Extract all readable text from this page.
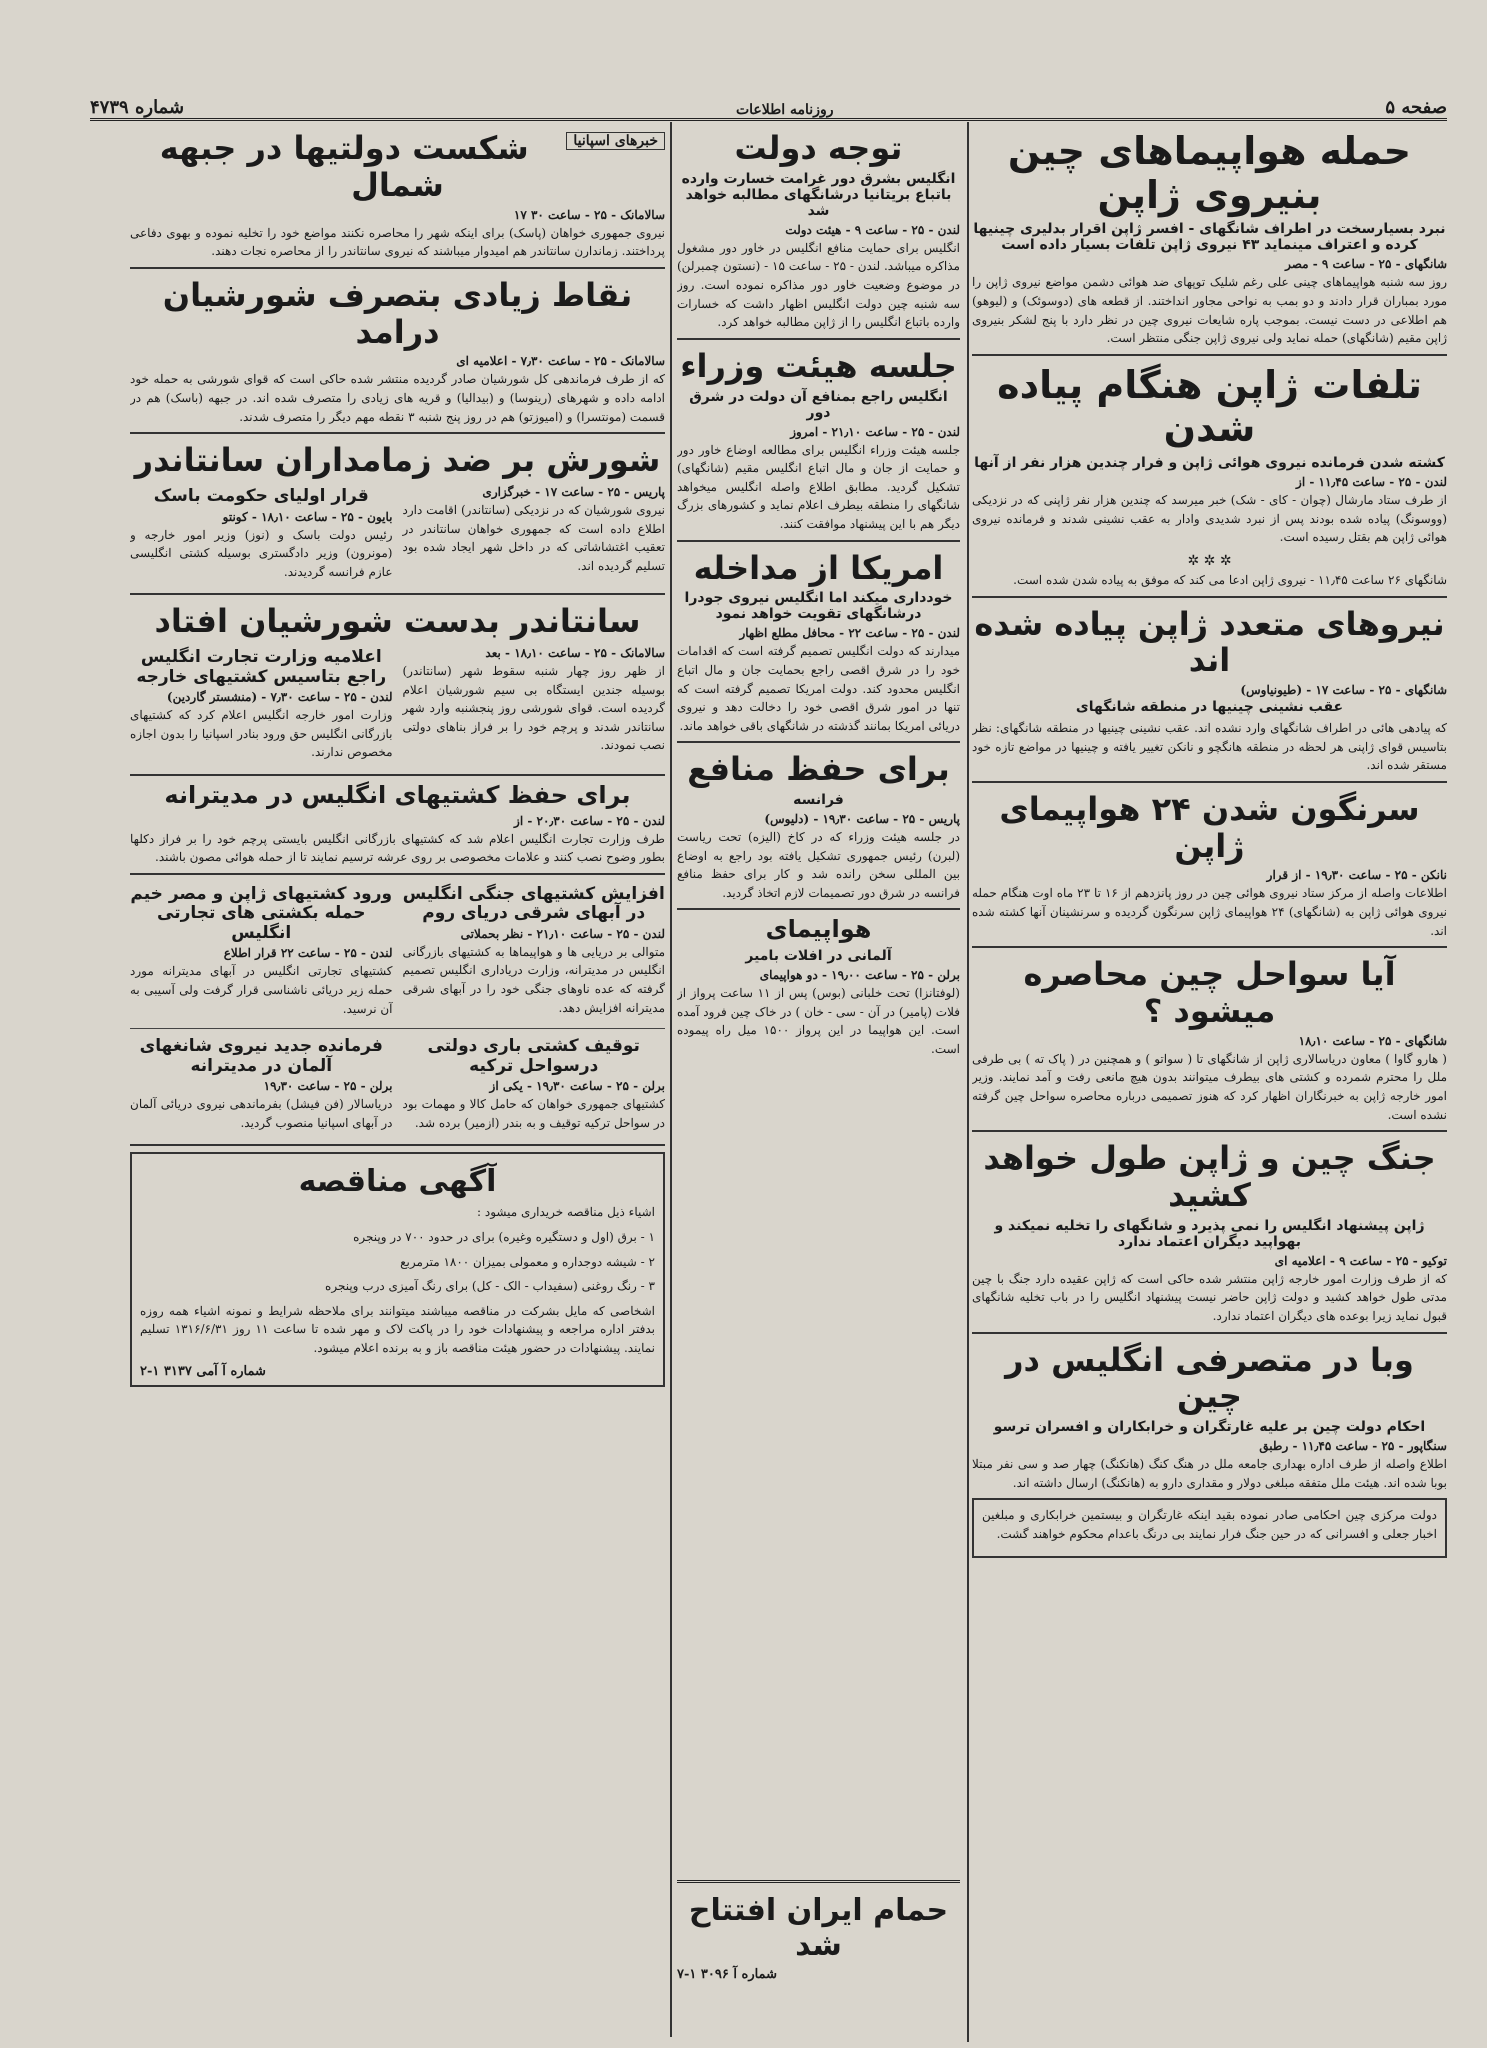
صفحه ۵
روزنامه اطلاعات
شماره ۴۷۳۹
حمله هواپیماهای چین بنیروی ژاپن
نبرد بسیارسخت در اطراف شانگهای - افسر ژاپن اقرار بدلیری چینیها کرده و اعتراف مینماید ۴۳ نیروی ژاپن تلفات بسیار داده است
شانگهای - ۲۵ - ساعت ۹ - مصر

روز سه شنبه هواپیماهای چینی علی رغم شلیک توپهای ضد هوائی دشمن مواضع نیروی ژاپن را مورد بمباران قرار دادند و دو بمب به نواحی مجاور انداختند. از قطعه های (دوسوئک) و (لیوهو) هم اطلاعی در دست نیست. بموجب پاره شایعات نیروی چین در نظر دارد با پنج لشکر بنیروی ژاپن مقیم (شانگهای) حمله نماید ولی نیروی ژاپن جنگی منتظر است.

تلفات ژاپن هنگام پیاده شدن
کشته شدن فرمانده نیروی هوائی ژاپن و فرار چندین هزار نفر از آنها
لندن - ۲۵ - ساعت ۱۱٫۴۵ - از

از طرف ستاد مارشال (چوان - کای - شک) خبر میرسد که چندین هزار نفر ژاپنی که در نزدیکی (ووسونگ) پیاده شده بودند پس از نبرد شدیدی وادار به عقب نشینی شدند و فرمانده نیروی هوائی ژاپن هم بقتل رسیده است.

✲ ✲ ✲

شانگهای ۲۶ ساعت ۱۱٫۴۵ - نیروی ژاپن ادعا می کند که موفق به پیاده شدن شده است.

نیروهای متعدد ژاپن پیاده شده اند
شانگهای - ۲۵ - ساعت ۱۷ - (طیونیاوس)
عقب نشینی چینیها در منطقه شانگهای

که پیادهی هائی در اطراف شانگهای وارد نشده اند. عقب نشینی چینیها در منطقه شانگهای: نظر بتاسیس قوای ژاپنی هر لحظه در منطقه هانگچو و نانکن تغییر یافته و چینیها در مواضع تازه خود مستقر شده اند.

سرنگون شدن ۲۴ هواپیمای ژاپن
نانکن - ۲۵ - ساعت ۱۹٫۳۰ - از قرار

اطلاعات واصله از مرکز ستاد نیروی هوائی چین در روز پانزدهم از ۱۶ تا ۲۳ ماه اوت هنگام حمله نیروی هوائی ژاپن به (شانگهای) ۲۴ هواپیمای ژاپن سرنگون گردیده و سرنشینان آنها کشته شده اند.

آیا سواحل چین محاصره میشود ؟
شانگهای - ۲۵ - ساعت ۱۸٫۱۰

( هارو گاوا ) معاون دریاسالاری ژاپن از شانگهای تا ( سواتو ) و همچنین در ( پاک ته ) بی طرفی ملل را محترم شمرده و کشتی های بیطرف میتوانند بدون هیچ مانعی رفت و آمد نمایند. وزیر امور خارجه ژاپن به خبرنگاران اظهار کرد که هنوز تصمیمی درباره محاصره سواحل چین گرفته نشده است.

جنگ چین و ژاپن طول خواهد کشید
ژاپن پیشنهاد انگلیس را نمی پذیرد و شانگهای را تخلیه نمیکند و بهواپید دیگران اعتماد ندارد
توکیو - ۲۵ - ساعت ۹ - اعلامیه ای

که از طرف وزارت امور خارجه ژاپن منتشر شده حاکی است که ژاپن عقیده دارد جنگ با چین مدتی طول خواهد کشید و دولت ژاپن حاضر نیست پیشنهاد انگلیس را در باب تخلیه شانگهای قبول نماید زیرا بوعده های دیگران اعتماد ندارد.

وبا در متصرفی انگلیس در چین
احکام دولت چین بر علیه غارتگران و خرابکاران و افسران ترسو
سنگاپور - ۲۵ - ساعت ۱۱٫۴۵ - رطبق

اطلاع واصله از طرف اداره بهداری جامعه ملل در هنگ کنگ (هانکنگ) چهار صد و سی نفر مبتلا بوبا شده اند. هیئت ملل متفقه مبلغی دولار و مقداری دارو به (هانکنگ) ارسال داشته اند.

دولت مرکزی چین احکامی صادر نموده بقید اینکه غارتگران و بیستمین خرابکاری و مبلغین اخبار جعلی و افسرانی که در حین جنگ فرار نمایند بی درنگ باعدام محکوم خواهند گشت.

توجه دولت
انگلیس بشرق دور غرامت خسارت وارده باتباع بریتانیا درشانگهای مطالبه خواهد شد
لندن - ۲۵ - ساعت ۹ - هیئت دولت

انگلیس برای حمایت منافع انگلیس در خاور دور مشغول مذاکره میباشد. لندن - ۲۵ - ساعت ۱۵ - (نستون چمبرلن) در موضوع وضعیت خاور دور مذاکره نموده است. روز سه شنبه چین دولت انگلیس اظهار داشت که خسارات وارده باتباع انگلیس را از ژاپن مطالبه خواهد کرد.

جلسه هیئت وزراء
انگلیس راجع بمنافع آن دولت در شرق دور
لندن - ۲۵ - ساعت ۲۱٫۱۰ - امروز

جلسه هیئت وزراء انگلیس برای مطالعه اوضاع خاور دور و حمایت از جان و مال اتباع انگلیس مقیم (شانگهای) تشکیل گردید. مطابق اطلاع واصله انگلیس میخواهد شانگهای را منطقه بیطرف اعلام نماید و کشورهای بزرگ دیگر هم با این پیشنهاد موافقت کنند.

امریکا از مداخله
خودداری میکند اما انگلیس نیروی جودرا درشانگهای تقویت خواهد نمود
لندن - ۲۵ - ساعت ۲۲ - محافل مطلع اظهار

میدارند که دولت انگلیس تصمیم گرفته است که اقدامات خود را در شرق اقصی راجع بحمایت جان و مال اتباع انگلیس محدود کند. دولت امریکا تصمیم گرفته است که تنها در امور شرق اقصی خود را دخالت دهد و نیروی دریائی امریکا بمانند گذشته در شانگهای باقی خواهد ماند.

برای حفظ منافع
فرانسه
پاریس - ۲۵ - ساعت ۱۹٫۳۰ - (دلیوس)

در جلسه هیئت وزراء که در کاخ (الیزه) تحت ریاست (لبرن) رئیس جمهوری تشکیل یافته بود راجع به اوضاع بین المللی سخن رانده شد و کار برای حفظ منافع فرانسه در شرق دور تصمیمات لازم اتخاذ گردید.

هواپیمای
آلمانی در افلات بامیر
برلن - ۲۵ - ساعت ۱۹٫۰۰ - دو هواپیمای

(لوفتانزا) تحت خلبانی (بوس) پس از ۱۱ ساعت پرواز از فلات (پامیر) در آن - سی - خان ) در خاک چین فرود آمده است. این هواپیما در این پرواز ۱۵۰۰ میل راه پیموده است.

حمام ایران افتتاح شد
شماره آ ۳۰۹۶ ۱-۷
خبرهای اسپانیا
شکست دولتیها در جبهه شمال
سالامانک - ۲۵ - ساعت ۳۰ ۱۷

نیروی جمهوری خواهان (پاسک) برای اینکه شهر را محاصره نکنند مواضع خود را تخلیه نموده و بهوی دفاعی پرداختند. زماندارن سانتاندر هم امیدوار میباشند که نیروی سانتاندر را از محاصره نجات دهند.

نقاط زیادی بتصرف شورشیان درامد
سالامانک - ۲۵ - ساعت ۷٫۳۰ - اعلامیه ای

که از طرف فرماندهی کل شورشیان صادر گردیده منتشر شده حاکی است که قوای شورشی به حمله خود ادامه داده و شهرهای (رینوسا) و (بیدالیا) و قریه های زیادی را متصرف شده اند. در جبهه (باسک) هم در قسمت (مونتسرا) و (امیوزتو) هم در روز پنج شنبه ۳ نقطه مهم دیگر را متصرف شدند.

شورش بر ضد زمامداران سانتاندر
پاریس - ۲۵ - ساعت ۱۷ - خبرگزاری

نیروی شورشیان که در نزدیکی (سانتاندر) اقامت دارد اطلاع داده است که جمهوری خواهان سانتاندر در تعقیب اغتشاشاتی که در داخل شهر ایجاد شده بود تسلیم گردیده اند.

قرار اولیای حکومت باسک
بایون - ۲۵ - ساعت ۱۸٫۱۰ - کونتو

رئیس دولت باسک و (نوز) وزیر امور خارجه و (مونرون) وزیر دادگستری بوسیله کشتی انگلیسی عازم فرانسه گردیدند.

سانتاندر بدست شورشیان افتاد
سالامانک - ۲۵ - ساعت ۱۸٫۱۰ - بعد

از ظهر روز چهار شنبه سقوط شهر (سانتاندر) بوسیله جندین ایستگاه بی سیم شورشیان اعلام گردیده است. قوای شورشی روز پنجشنبه وارد شهر سانتاندر شدند و پرچم خود را بر فراز بناهای دولتی نصب نمودند.

اعلامیه وزارت تجارت انگلیس راجع بتاسیس کشتیهای خارجه
لندن - ۲۵ - ساعت ۷٫۳۰ - (منشستر گاردین)

وزارت امور خارجه انگلیس اعلام کرد که کشتیهای بازرگانی انگلیس حق ورود بنادر اسپانیا را بدون اجازه مخصوص ندارند.

برای حفظ کشتیهای انگلیس در مدیترانه
لندن - ۲۵ - ساعت ۲۰٫۳۰ - از

طرف وزارت تجارت انگلیس اعلام شد که کشتیهای بازرگانی انگلیس بایستی پرچم خود را بر فراز دکلها بطور وضوح نصب کنند و علامات مخصوصی بر روی عرشه ترسیم نمایند تا از حمله هوائی مصون باشند.

افزایش کشتیهای جنگی انگلیس در آبهای شرقی دریای روم
لندن - ۲۵ - ساعت ۲۱٫۱۰ - نظر بحملاتی

متوالی بر دریایی ها و هواپیماها به کشتیهای بازرگانی انگلیس در مدیترانه، وزارت دریاداری انگلیس تصمیم گرفته که عده ناوهای جنگی خود را در آبهای شرقی مدیترانه افزایش دهد.

ورود کشتیهای ژاپن و مصر خیم حمله بکشتی های تجارتی انگلیس
لندن - ۲۵ - ساعت ۲۲ قرار اطلاع

کشتیهای تجارتی انگلیس در آبهای مدیترانه مورد حمله زیر دریائی ناشناسی قرار گرفت ولی آسیبی به آن نرسید.

توقیف کشتی باری دولتی درسواحل ترکیه
برلن - ۲۵ - ساعت ۱۹٫۳۰ - یکی از

کشتیهای جمهوری خواهان که حامل کالا و مهمات بود در سواحل ترکیه توقیف و به بندر (ازمیر) برده شد.

فرمانده جدید نیروی شانغهای آلمان در مدیترانه
برلن - ۲۵ - ساعت ۱۹٫۳۰

دریاسالار (فن فیشل) بفرماندهی نیروی دریائی آلمان در آبهای اسپانیا منصوب گردید.

آگهی مناقصه

اشیاء ذیل مناقصه خریداری میشود :

۱ - برق (اول و دستگیره وغیره) برای در حدود ۷۰۰ در وپنجره

۲ - شیشه دوجداره و معمولی بمیزان ۱۸۰۰ مترمربع

۳ - رنگ روغنی (سفیداب - الک - کل) برای رنگ آمیزی درب وپنجره

اشخاصی که مایل بشرکت در مناقصه میباشند میتوانند برای ملاحظه شرایط و نمونه اشیاء همه روزه بدفتر اداره مراجعه و پیشنهادات خود را در پاکت لاک و مهر شده تا ساعت ۱۱ روز ۱۳۱۶/۶/۳۱ تسلیم نمایند. پیشنهادات در حضور هیئت مناقصه باز و به برنده اعلام میشود.

شماره آ آمی ۳۱۳۷ ۱-۲
